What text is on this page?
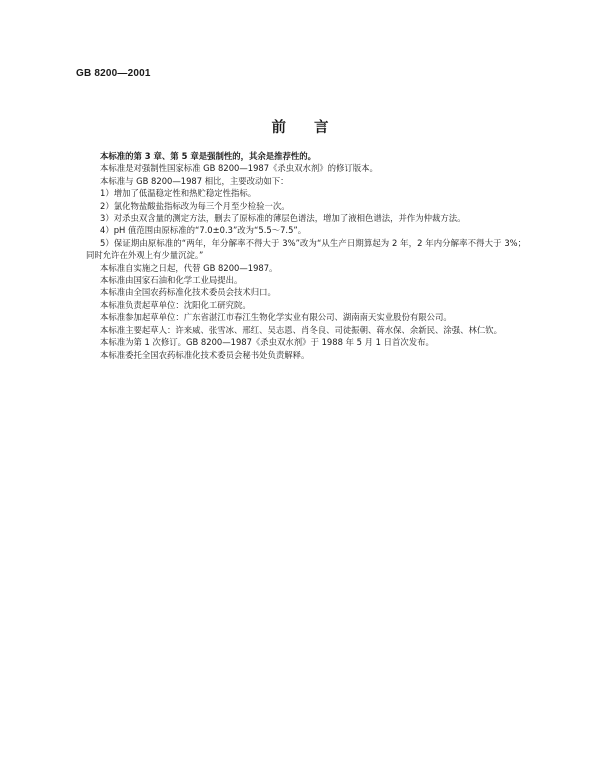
GB 8200—2001
前言

本标准的第 3 章、第 5 章是强制性的，其余是推荐性的。

本标准是对强制性国家标准 GB 8200—1987《杀虫双水剂》的修订版本。

本标准与 GB 8200—1987 相比，主要改动如下：

1）增加了低温稳定性和热贮稳定性指标。

2）氯化物盐酸盐指标改为每三个月至少检验一次。

3）对杀虫双含量的测定方法，删去了原标准的薄层色谱法，增加了液相色谱法，并作为仲裁方法。

4）pH 值范围由原标准的“7.0±0.3”改为“5.5～7.5”。

5）保证期由原标准的“两年，年分解率不得大于 3%”改为“从生产日期算起为 2 年，2 年内分解率不得大于 3%；同时允许在外观上有少量沉淀。”

本标准自实施之日起，代替 GB 8200—1987。

本标准由国家石油和化学工业局提出。

本标准由全国农药标准化技术委员会技术归口。

本标准负责起草单位：沈阳化工研究院。

本标准参加起草单位：广东省湛江市春江生物化学实业有限公司、湖南南天实业股份有限公司。

本标准主要起草人：许来威、张雪冰、邢红、吴志恩、肖冬良、司徒振朝、蒋水保、余新民、涂强、林仁钦。

本标准为第 1 次修订。GB 8200—1987《杀虫双水剂》于 1988 年 5 月 1 日首次发布。

本标准委托全国农药标准化技术委员会秘书处负责解释。
